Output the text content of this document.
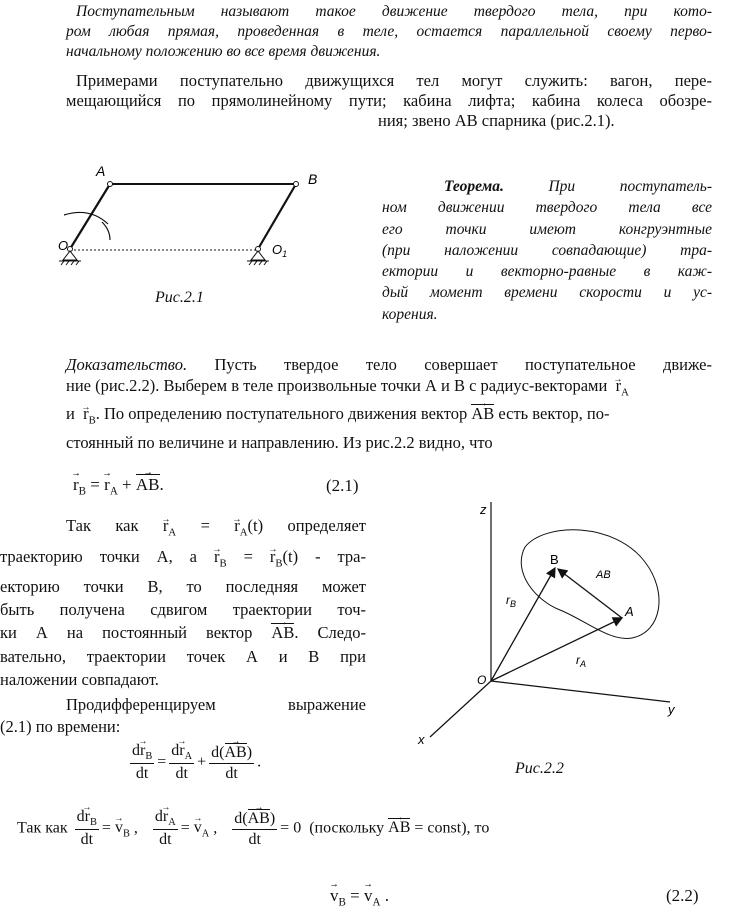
Поступательным называют такое движение твердого тела, при кото-
ром любая прямая, проведенная в теле, остается параллельной своему перво-
начальному положению во все время движения.
Примерами поступательно движущихся тел могут служить: вагон, пере-
мещающийся по прямолинейному пути; кабина лифта; кабина колеса обозре-
ния; звено АВ спарника (рис.2.1).
A	B
O	$O_1$
Рис.2.1
Теорема.	При поступатель-
ном движении твердого тела все
его точки имеют конгруэнтные
(при наложении совпадающие) тра-
ектории и векторно-равные в каж-
дый момент времени скорости и ус-
корения.
Доказательство. Пусть твердое тело совершает поступательное движе-
ние (рис.2.2). Выберем в теле произвольные точки А и В с радиус-векторами → $r_A$
$и \to r_B$. По определению поступательного движения вектор → AB есть вектор, по-
стоянный по величине и направлению. Из рис.2.2 видно, что
→ $r_B$ = → $r_A$ + → AB.	(2.1)
Так как → $r_A$ = → $r_A(t)$ определяет
траекторию точки А, $а \to r_B$ = → $r_B(t) - тра-$
екторию точки В, то последняя может
быть получена сдвигом траектории точ-
ки А на постоянный вектор → AB. Следо-
вательно, траектории точек А и В при
наложении совпадают.
Продифференцируем выражение
(2.1) по времени:
$\frac{d\to r_B}{dt} = \frac{d\to r_A}{dt} + \frac{d(\to AB)}{dt}$ .
z
y
x
O
A
B
$r_A$
$r_B$
AB
Рис.2.2
Так как $\frac{d\to r_B}{dt}$ = → $v_B$ , $\frac{d\to r_A}{dt}$ = → $v_A$ , $\frac{d(\to AB)}{dt} = 0$  (поскольку → AB = const), то
→ $v_B$ = → $v_A$ .	(2.2)
